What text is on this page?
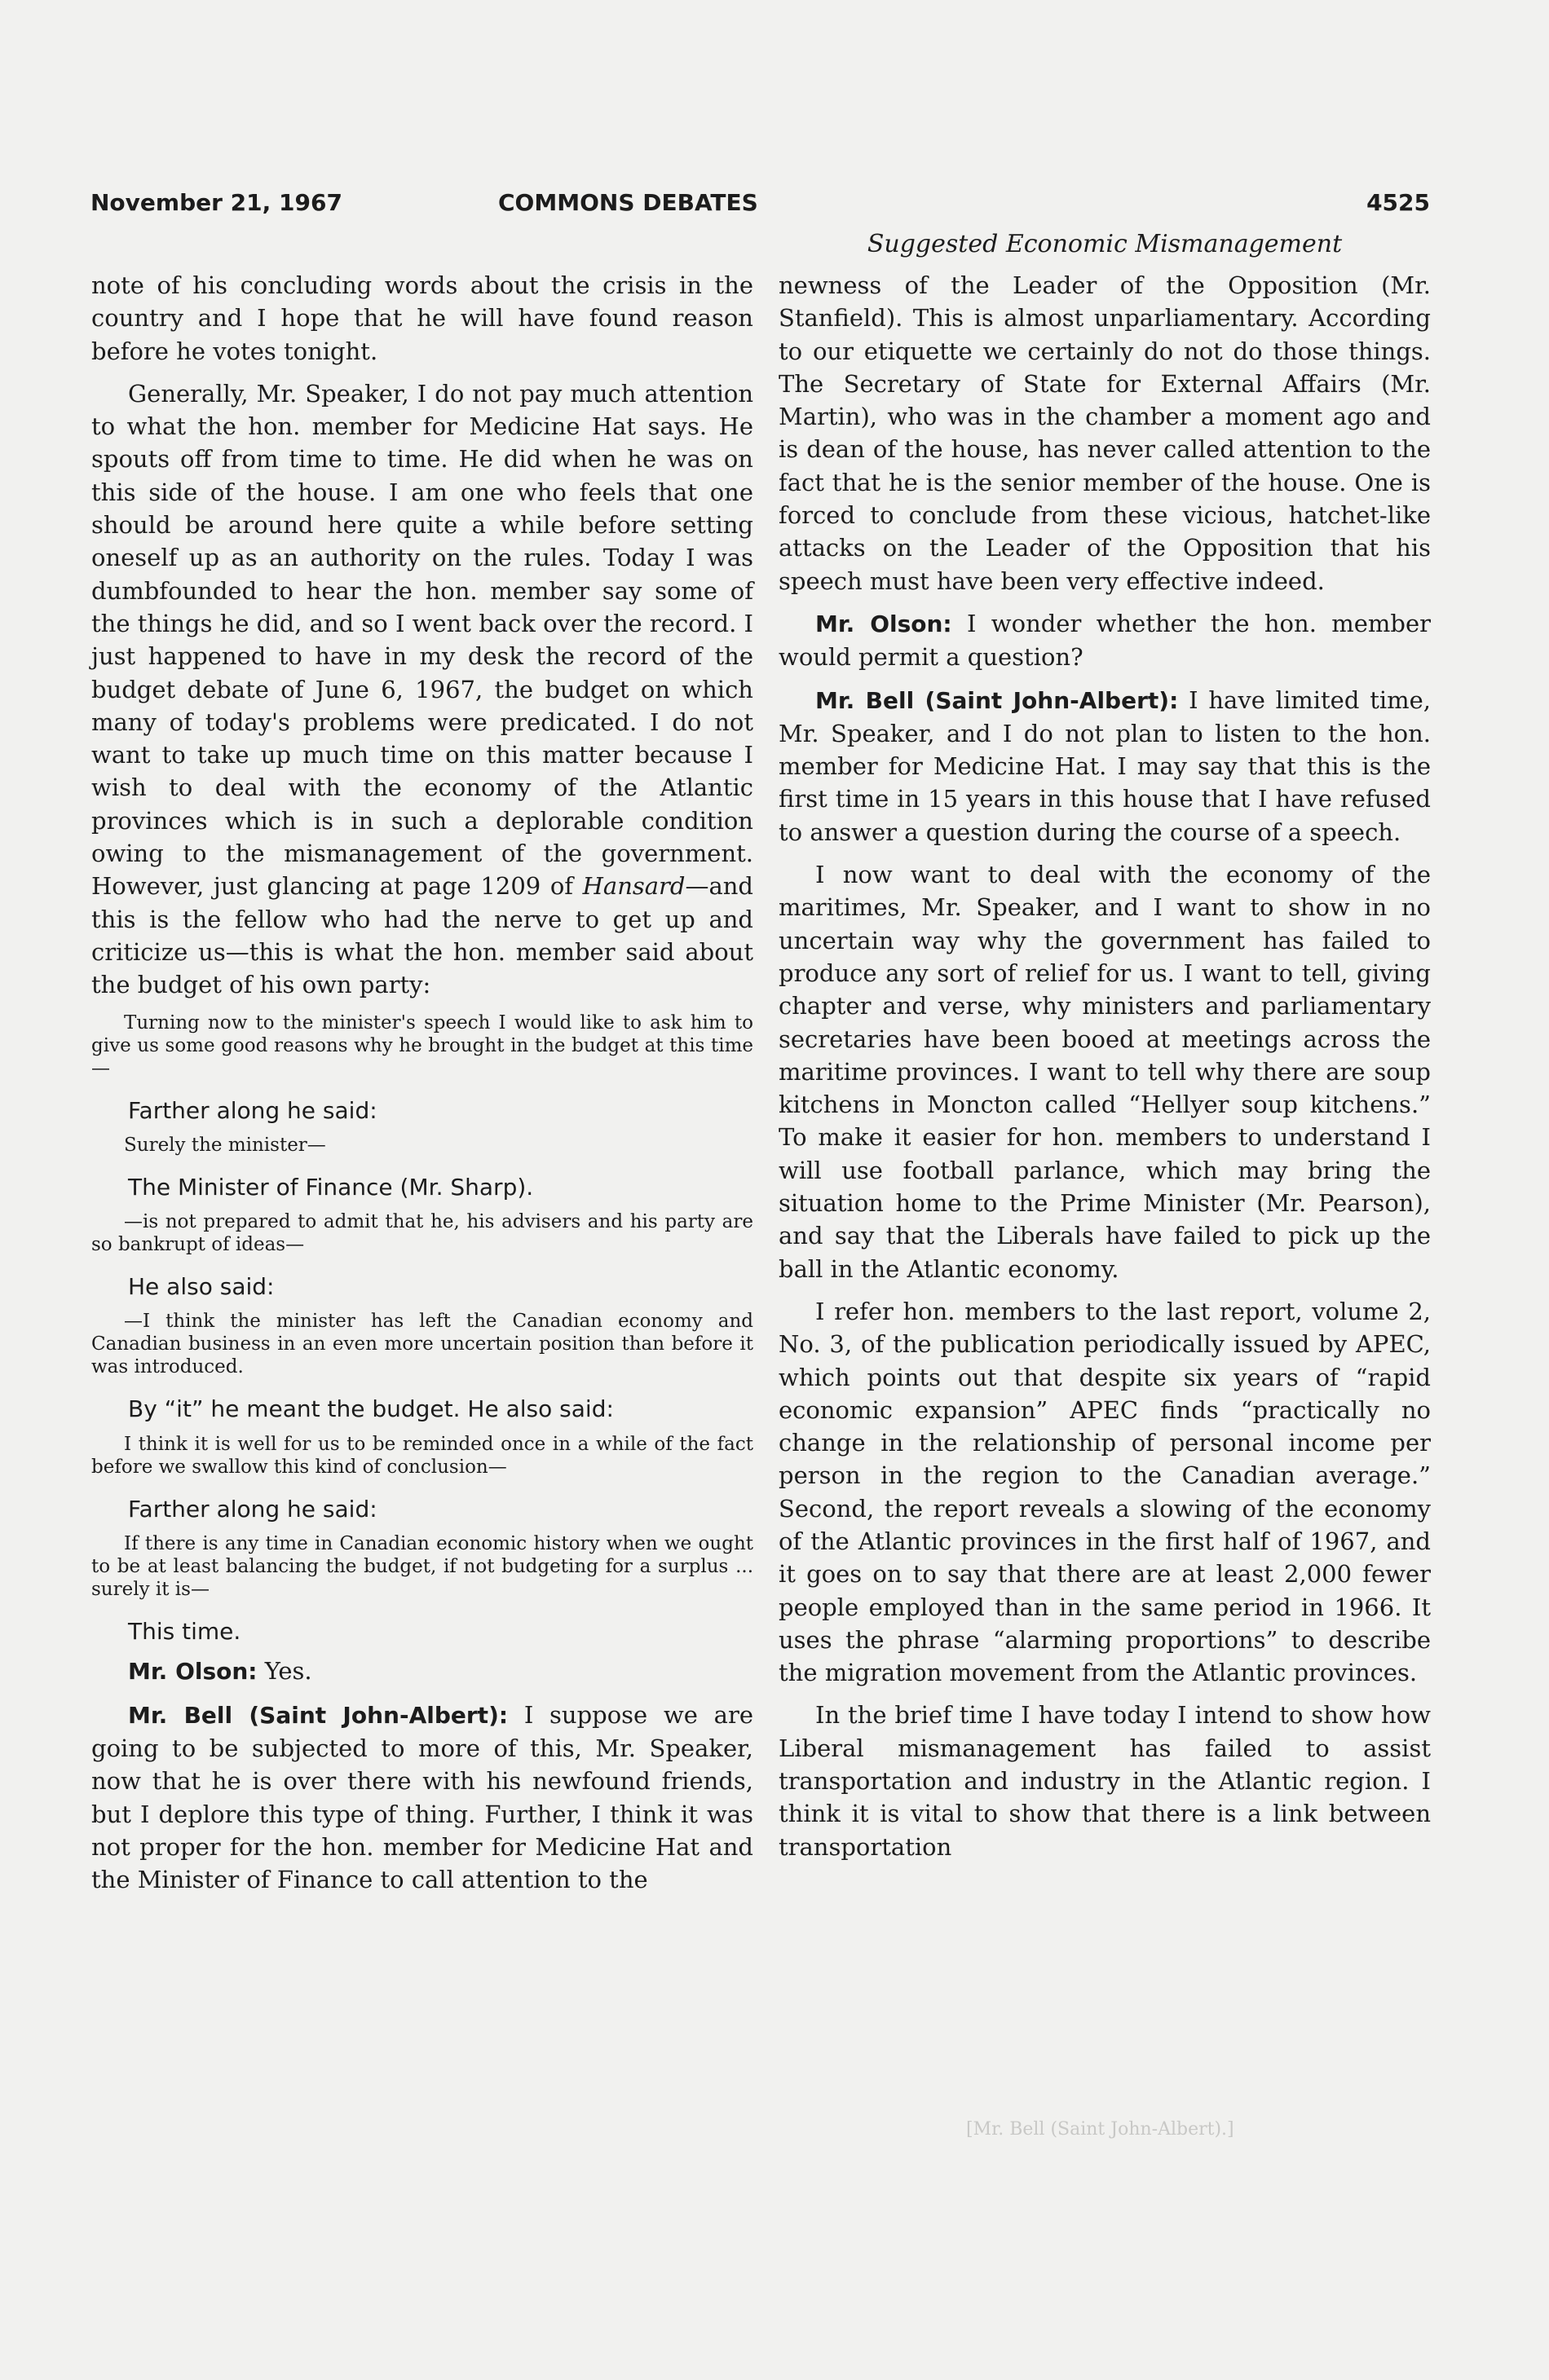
November 21, 1967	COMMONS DEBATES	4525
Suggested Economic Mismanagement

note of his concluding words about the crisis in the country and I hope that he will have found reason before he votes tonight.

Generally, Mr. Speaker, I do not pay much attention to what the hon. member for Medicine Hat says. He spouts off from time to time. He did when he was on this side of the house. I am one who feels that one should be around here quite a while before setting oneself up as an authority on the rules. Today I was dumbfounded to hear the hon. member say some of the things he did, and so I went back over the record. I just happened to have in my desk the record of the budget debate of June 6, 1967, the budget on which many of today's problems were predicated. I do not want to take up much time on this matter because I wish to deal with the economy of the Atlantic provinces which is in such a deplorable condition owing to the mismanagement of the government. However, just glancing at page 1209 of Hansard—and this is the fellow who had the nerve to get up and criticize us—this is what the hon. member said about the budget of his own party:

Turning now to the minister's speech I would like to ask him to give us some good reasons why he brought in the budget at this time—

Farther along he said:

Surely the minister—

The Minister of Finance (Mr. Sharp).

—is not prepared to admit that he, his advisers and his party are so bankrupt of ideas—

He also said:

—I think the minister has left the Canadian economy and Canadian business in an even more uncertain position than before it was introduced.

By “it” he meant the budget. He also said:

I think it is well for us to be reminded once in a while of the fact before we swallow this kind of conclusion—

Farther along he said:

If there is any time in Canadian economic history when we ought to be at least balancing the budget, if not budgeting for a surplus ... surely it is—

This time.

Mr. Olson: Yes.

Mr. Bell (Saint John-Albert): I suppose we are going to be subjected to more of this, Mr. Speaker, now that he is over there with his newfound friends, but I deplore this type of thing. Further, I think it was not proper for the hon. member for Medicine Hat and the Minister of Finance to call attention to the

newness of the Leader of the Opposition (Mr. Stanfield). This is almost unparliamentary. According to our etiquette we certainly do not do those things. The Secretary of State for External Affairs (Mr. Martin), who was in the chamber a moment ago and is dean of the house, has never called attention to the fact that he is the senior member of the house. One is forced to conclude from these vicious, hatchet-like attacks on the Leader of the Opposition that his speech must have been very effective indeed.

Mr. Olson: I wonder whether the hon. member would permit a question?

Mr. Bell (Saint John-Albert): I have limited time, Mr. Speaker, and I do not plan to listen to the hon. member for Medicine Hat. I may say that this is the first time in 15 years in this house that I have refused to answer a question during the course of a speech.

I now want to deal with the economy of the maritimes, Mr. Speaker, and I want to show in no uncertain way why the government has failed to produce any sort of relief for us. I want to tell, giving chapter and verse, why ministers and parliamentary secretaries have been booed at meetings across the maritime provinces. I want to tell why there are soup kitchens in Moncton called “Hellyer soup kitchens.” To make it easier for hon. members to understand I will use football parlance, which may bring the situation home to the Prime Minister (Mr. Pearson), and say that the Liberals have failed to pick up the ball in the Atlantic economy.

I refer hon. members to the last report, volume 2, No. 3, of the publication periodically issued by APEC, which points out that despite six years of “rapid economic expansion” APEC finds “practically no change in the relationship of personal income per person in the region to the Canadian average.” Second, the report reveals a slowing of the economy of the Atlantic provinces in the first half of 1967, and it goes on to say that there are at least 2,000 fewer people employed than in the same period in 1966. It uses the phrase “alarming proportions” to describe the migration movement from the Atlantic provinces.

In the brief time I have today I intend to show how Liberal mismanagement has failed to assist transportation and industry in the Atlantic region. I think it is vital to show that there is a link between transportation

[Mr. Bell (Saint John-Albert).]
